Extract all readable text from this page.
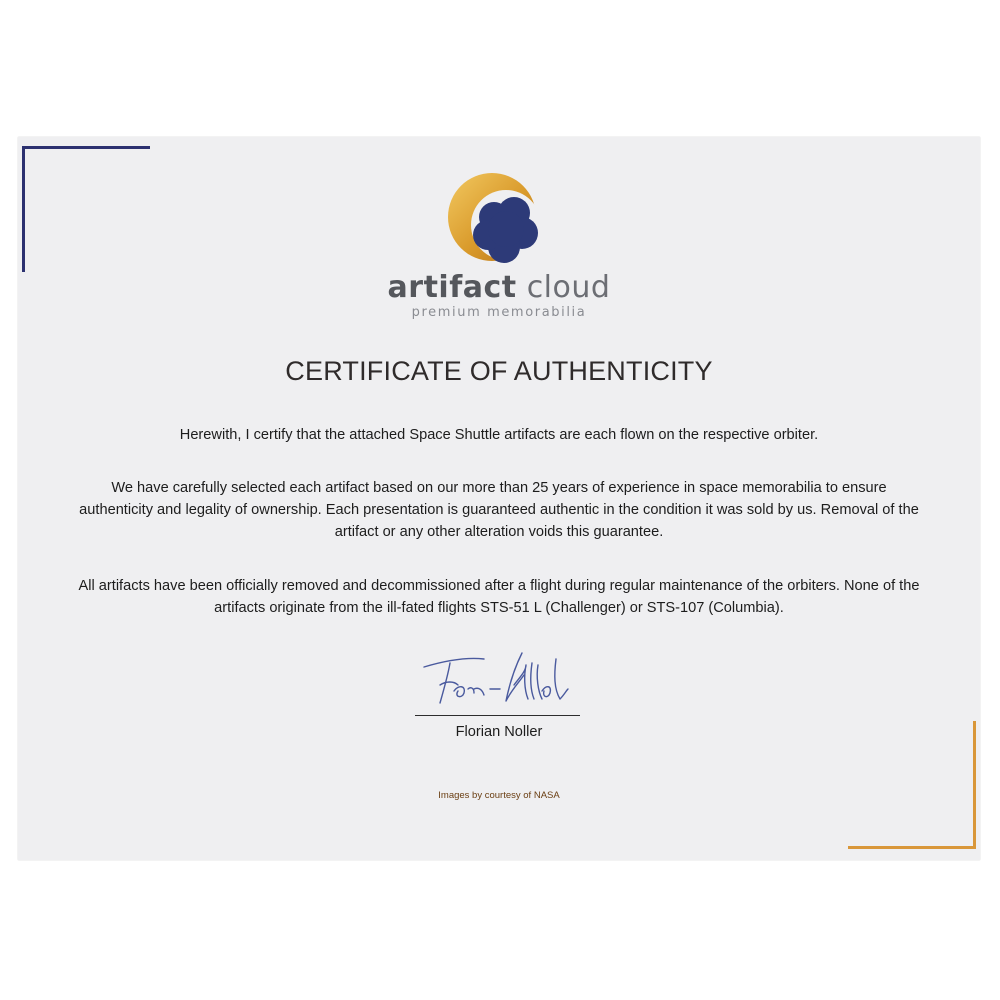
artifact cloud
premium memorabilia
CERTIFICATE OF AUTHENTICITY

Herewith, I certify that the attached Space Shuttle artifacts are each flown on the respective orbiter.

We have carefully selected each artifact based on our more than 25 years of experience in space memorabilia to ensure authenticity and legality of ownership. Each presentation is guaranteed authentic in the condition it was sold by us. Removal of the artifact or any other alteration voids this guarantee.

All artifacts have been officially removed and decommissioned after a flight during regular maintenance of the orbiters. None of the artifacts originate from the ill-fated flights STS-51 L (Challenger) or STS-107 (Columbia).

Florian Noller
Images by courtesy of NASA
